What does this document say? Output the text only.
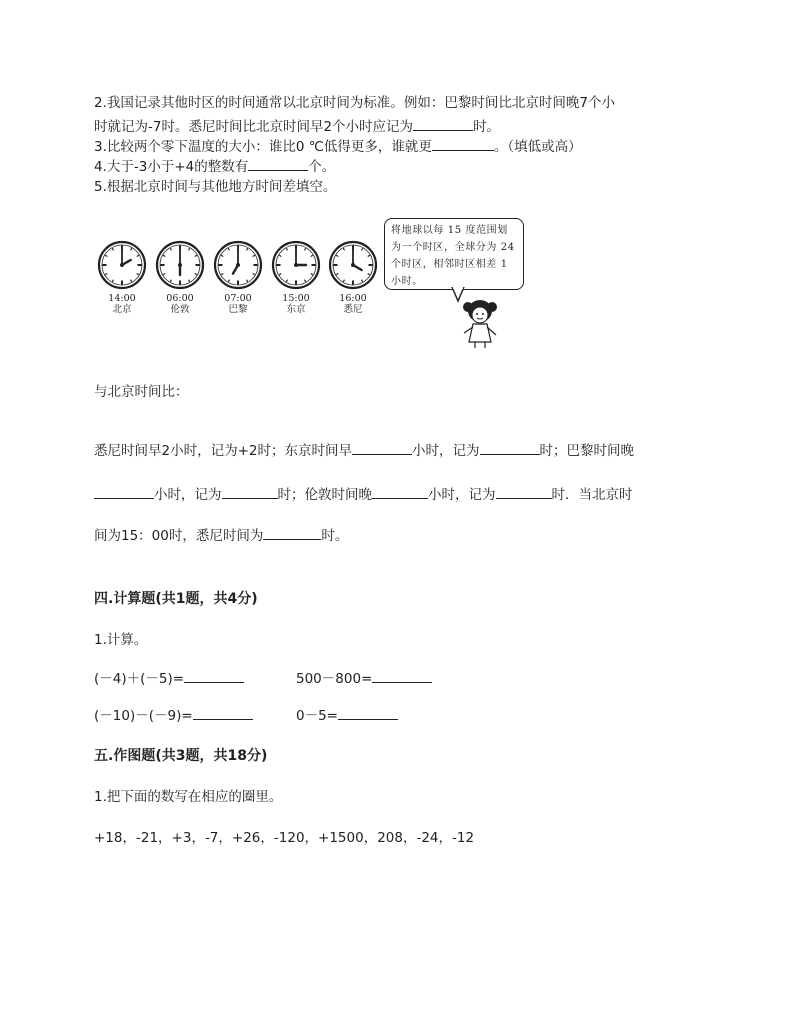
2.我国记录其他时区的时间通常以北京时间为标准。例如：巴黎时间比北京时间晚7个小
时就记为-7时。悉尼时间比北京时间早2个小时应记为	时。
3.比较两个零下温度的大小：谁比0 ℃低得更多，谁就更	。（填低或高）
4.大于-3小于+4的整数有	个。
5.根据北京时间与其他地方时间差填空。
14:00
北京
06:00
伦敦
07:00
巴黎
15:00
东京
16:00
悉尼
将地球以每 15 度范围划为一个时区，全球分为 24 个时区，相邻时区相差 1 小时。
与北京时间比：
悉尼时间早2小时，记为+2时；东京时间早	小时，记为	时；巴黎时间晚
小时，记为	时；伦敦时间晚	小时，记为	时．当北京时
间为15：00时，悉尼时间为	时。
四.计算题(共1题，共4分)
1.计算。
(－4)＋(－5)=	500－800=
(－10)－(－9)=	0－5=
五.作图题(共3题，共18分)
1.把下面的数写在相应的圈里。
+18，-21，+3，-7，+26，-120，+1500，208，-24，-12
